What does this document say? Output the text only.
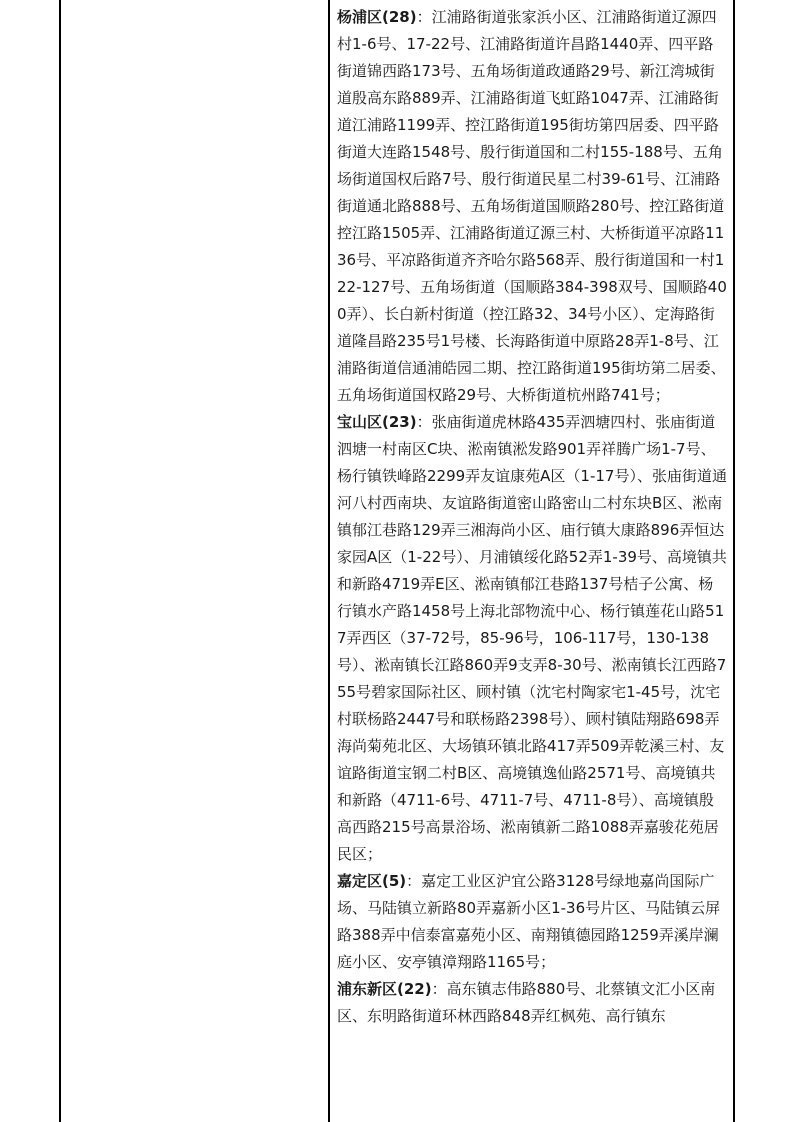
杨浦区(28)：江浦路街道张家浜小区、江浦路街道辽源四村1-6号、17-22号、江浦路街道许昌路1440弄、四平路街道锦西路173号、五角场街道政通路29号、新江湾城街道殷高东路889弄、江浦路街道飞虹路1047弄、江浦路街道江浦路1199弄、控江路街道195街坊第四居委、四平路街道大连路1548号、殷行街道国和二村155-188号、五角场街道国权后路7号、殷行街道民星二村39-61号、江浦路街道通北路888号、五角场街道国顺路280号、控江路街道控江路1505弄、江浦路街道辽源三村、大桥街道平凉路1136号、平凉路街道齐齐哈尔路568弄、殷行街道国和一村122-127号、五角场街道（国顺路384-398双号、国顺路400弄）、长白新村街道（控江路32、34号小区）、定海路街道隆昌路235号1号楼、长海路街道中原路28弄1-8号、江浦路街道信通浦皓园二期、控江路街道195街坊第二居委、五角场街道国权路29号、大桥街道杭州路741号；

宝山区(23)：张庙街道虎林路435弄泗塘四村、张庙街道泗塘一村南区C块、淞南镇淞发路901弄祥腾广场1-7号、杨行镇铁峰路2299弄友谊康苑A区（1-17号）、张庙街道通河八村西南块、友谊路街道密山路密山二村东块B区、淞南镇郁江巷路129弄三湘海尚小区、庙行镇大康路896弄恒达家园A区（1-22号）、月浦镇绥化路52弄1-39号、高境镇共和新路4719弄E区、淞南镇郁江巷路137号桔子公寓、杨行镇水产路1458号上海北部物流中心、杨行镇莲花山路517弄西区（37-72号，85-96号，106-117号，130-138号）、淞南镇长江路860弄9支弄8-30号、淞南镇长江西路755号碧家国际社区、顾村镇（沈宅村陶家宅1-45号，沈宅村联杨路2447号和联杨路2398号）、顾村镇陆翔路698弄海尚菊苑北区、大场镇环镇北路417弄509弄乾溪三村、友谊路街道宝钢二村B区、高境镇逸仙路2571号、高境镇共和新路（4711-6号、4711-7号、4711-8号）、高境镇殷高西路215号高景浴场、淞南镇新二路1088弄嘉骏花苑居民区；

嘉定区(5)：嘉定工业区沪宜公路3128号绿地嘉尚国际广场、马陆镇立新路80弄嘉新小区1-36号片区、马陆镇云屏路388弄中信泰富嘉苑小区、南翔镇德园路1259弄溪岸澜庭小区、安亭镇漳翔路1165号；

浦东新区(22)：高东镇志伟路880号、北蔡镇文汇小区南区、东明路街道环林西路848弄红枫苑、高行镇东
